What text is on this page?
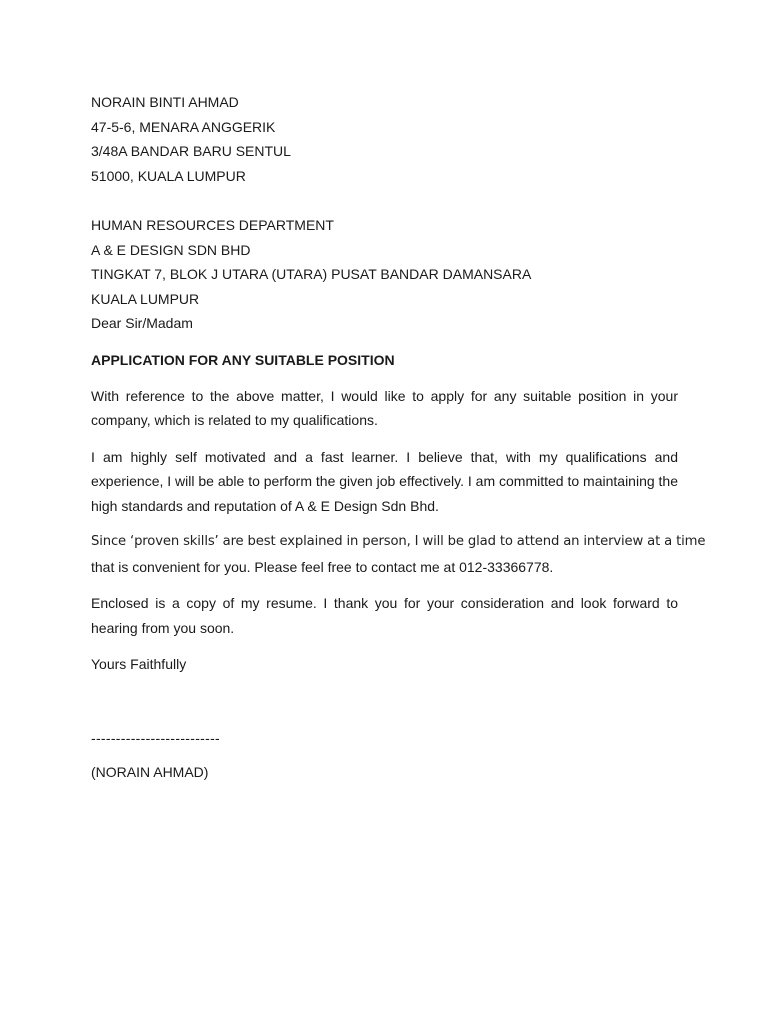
NORAIN BINTI AHMAD
47-5-6, MENARA ANGGERIK
3/48A BANDAR BARU SENTUL
51000, KUALA LUMPUR
HUMAN RESOURCES DEPARTMENT
A & E DESIGN SDN BHD
TINGKAT 7, BLOK J UTARA (UTARA) PUSAT BANDAR DAMANSARA
KUALA LUMPUR
Dear Sir/Madam
APPLICATION FOR ANY SUITABLE POSITION

With reference to the above matter, I would like to apply for any suitable position in your company, which is related to my qualifications.

I am highly self motivated and a fast learner. I believe that, with my qualifications and experience, I will be able to perform the given job effectively. I am committed to maintaining the high standards and reputation of A & E Design Sdn Bhd.

Since ‘proven skills’ are best explained in person, I will be glad to attend an interview at a time
that is convenient for you. Please feel free to contact me at 012-33366778.

Enclosed is a copy of my resume. I thank you for your consideration and look forward to hearing from you soon.

Yours Faithfully
--------------------------
(NORAIN AHMAD)
